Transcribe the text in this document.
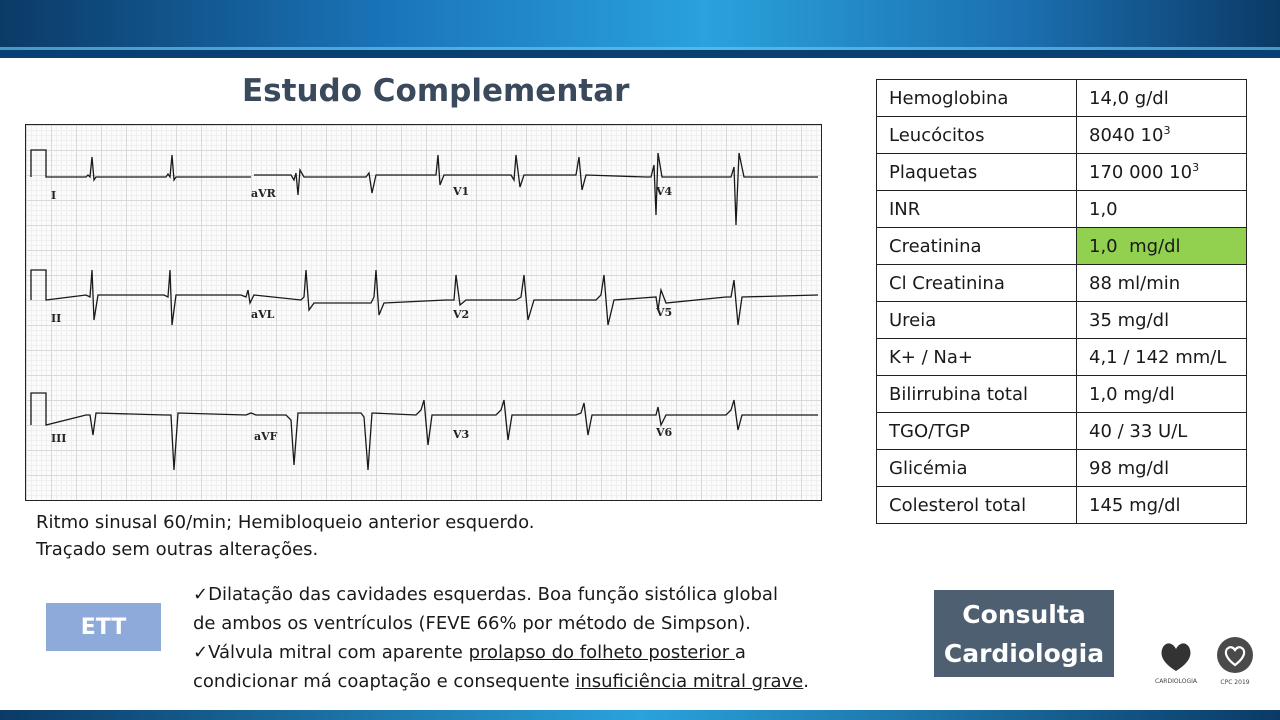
Estudo Complementar
I	aVR	V1	V4
II	aVL	V2	V5
III	aVF	V3	V6
Ritmo sinusal 60/min; Hemibloqueio anterior esquerdo.
Traçado sem outras alterações.
Hemoglobina	14,0 g/dl
Leucócitos	8040 $10^3$
Plaquetas	170 000 $10^3$
INR	1,0
Creatinina	1,0  mg/dl
Cl Creatinina	88 ml/min
Ureia	35 mg/dl
K+ / Na+	4,1 / 142 mm/L
Bilirrubina total	1,0 mg/dl
TGO/TGP	40 / 33 U/L
Glicémia	98 mg/dl
Colesterol total	145 mg/dl
ETT
✓Dilatação das cavidades esquerdas. Boa função sistólica global
de ambos os ventrículos (FEVE 66% por método de Simpson).
✓Válvula mitral com aparente prolapso do folheto posterior a
condicionar má coaptação e consequente insuficiência mitral grave.
Consulta
Cardiologia
CARDIOLOGIA	CPC 2019
